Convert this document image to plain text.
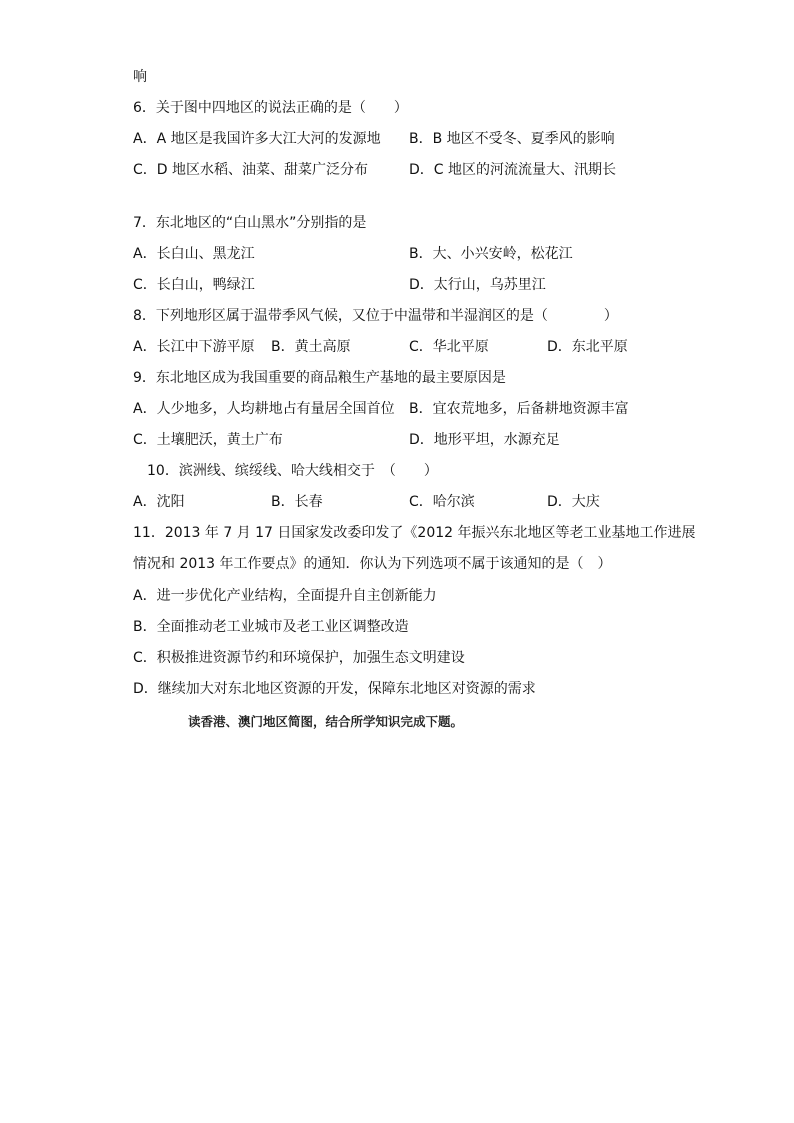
响
6．关于图中四地区的说法正确的是（　　）
A．A 地区是我国许多大江大河的发源地 B．B 地区不受冬、夏季风的影响
C．D 地区水稻、油菜、甜菜广泛分布	D．C 地区的河流流量大、汛期长
7．东北地区的“白山黑水”分别指的是
A．长白山、黑龙江	B．大、小兴安岭，松花江
C．长白山，鸭绿江	D．太行山，乌苏里江
8．下列地形区属于温带季风气候，又位于中温带和半湿润区的是（　　　　）
A．长江中下游平原 B．黄土高原	C．华北平原	D．东北平原
9．东北地区成为我国重要的商品粮生产基地的最主要原因是
A．人少地多，人均耕地占有量居全国首位 B．宜农荒地多，后备耕地资源丰富
C．土壤肥沃，黄土广布	D．地形平坦，水源充足
10．滨洲线、缤绥线、哈大线相交于　（　　）
A．沈阳	B．长春	C．哈尔滨	D．大庆
11．2013 年 7 月 17 日国家发改委印发了《2012 年振兴东北地区等老工业基地工作进展
情况和 2013 年工作要点》的通知．你认为下列选项不属于该通知的是（　）
A．进一步优化产业结构，全面提升自主创新能力
B．全面推动老工业城市及老工业区调整改造
C．积极推进资源节约和环境保护，加强生态文明建设
D．继续加大对东北地区资源的开发，保障东北地区对资源的需求
读香港、澳门地区简图，结合所学知识完成下题。
